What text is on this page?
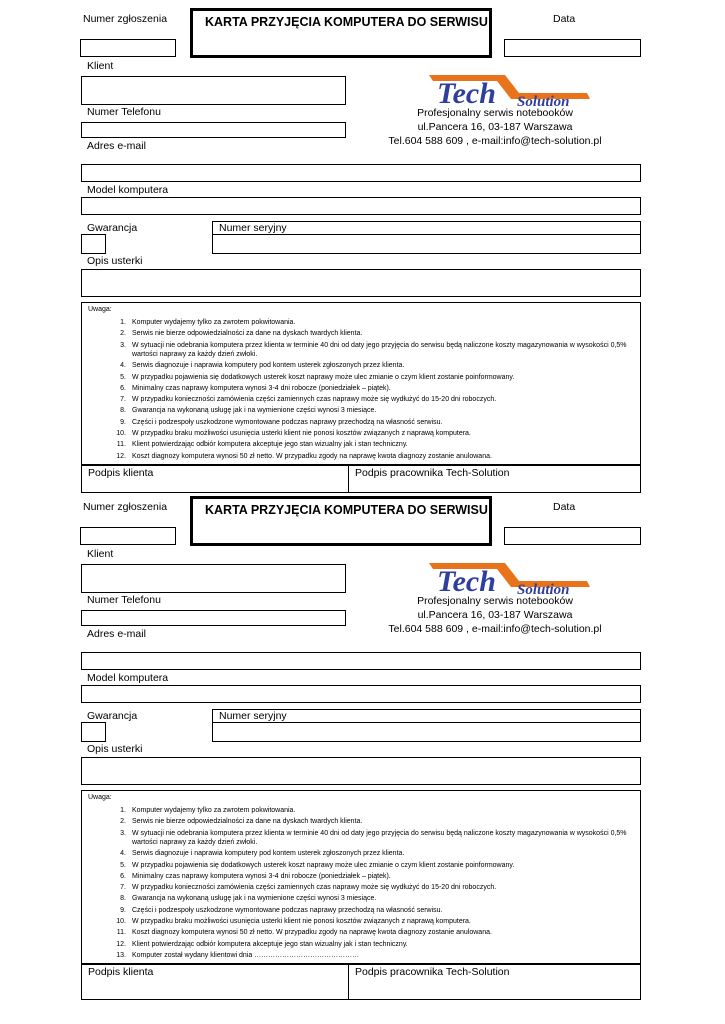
Numer zgłoszenia	KARTA PRZYJĘCIA KOMPUTERA DO SERWISU	Data
Klient
Tech Solution
Profesjonalny serwis notebooków
ul.Pancera 16, 03-187 Warszawa
Tel.604 588 609 , e-mail:info@tech-solution.pl
Numer Telefonu
Adres e-mail
Model komputera
Gwarancja	Numer seryjny
Opis usterki
Uwaga:
1. Komputer wydajemy tylko za zwrotem pokwitowania.
2. Serwis nie bierze odpowiedzialności za dane na dyskach twardych klienta.
3. W sytuacji nie odebrania komputera przez klienta w terminie 40 dni od daty jego przyjęcia do serwisu będą naliczone koszty magazynowania w wysokości 0,5% wartości naprawy za każdy dzień zwłoki.
4. Serwis diagnozuje i naprawia komputery pod kontem usterek zgłoszonych przez klienta.
5. W przypadku pojawienia się dodatkowych usterek koszt naprawy może ulec zmianie o czym klient zostanie poinformowany.
6. Minimalny czas naprawy komputera wynosi 3-4 dni robocze (poniedziałek – piątek).
7. W przypadku konieczności zamówienia części zamiennych czas naprawy może się wydłużyć do 15-20 dni roboczych.
8. Gwarancja na wykonaną usługę jak i na wymienione części wynosi 3 miesiące.
9. Części i podzespoły uszkodzone wymontowane podczas naprawy przechodzą na własność serwisu.
10. W przypadku braku możliwości usunięcia usterki klient nie ponosi kosztów związanych z naprawą komputera.
11. Klient potwierdzając odbiór komputera akceptuje jego stan wizualny jak i stan techniczny.
12. Koszt diagnozy komputera wynosi 50 zł netto. W przypadku zgody na naprawę kwota diagnozy zostanie anulowana.
Podpis klienta	Podpis pracownika Tech-Solution
Numer zgłoszenia	KARTA PRZYJĘCIA KOMPUTERA DO SERWISU	Data
Klient
Tech Solution
Profesjonalny serwis notebooków
ul.Pancera 16, 03-187 Warszawa
Tel.604 588 609 , e-mail:info@tech-solution.pl
Numer Telefonu
Adres e-mail
Model komputera
Gwarancja	Numer seryjny
Opis usterki
Uwaga:
1. Komputer wydajemy tylko za zwrotem pokwitowania.
2. Serwis nie bierze odpowiedzialności za dane na dyskach twardych klienta.
3. W sytuacji nie odebrania komputera przez klienta w terminie 40 dni od daty jego przyjęcia do serwisu będą naliczone koszty magazynowania w wysokości 0,5% wartości naprawy za każdy dzień zwłoki.
4. Serwis diagnozuje i naprawia komputery pod kontem usterek zgłoszonych przez klienta.
5. W przypadku pojawienia się dodatkowych usterek koszt naprawy może ulec zmianie o czym klient zostanie poinformowany.
6. Minimalny czas naprawy komputera wynosi 3-4 dni robocze (poniedziałek – piątek).
7. W przypadku konieczności zamówienia części zamiennych czas naprawy może się wydłużyć do 15-20 dni roboczych.
8. Gwarancja na wykonaną usługę jak i na wymienione części wynosi 3 miesiące.
9. Części i podzespoły uszkodzone wymontowane podczas naprawy przechodzą na własność serwisu.
10. W przypadku braku możliwości usunięcia usterki klient nie ponosi kosztów związanych z naprawą komputera.
11. Koszt diagnozy komputera wynosi 50 zł netto. W przypadku zgody na naprawę kwota diagnozy zostanie anulowana.
12. Klient potwierdzając odbiór komputera akceptuje jego stan wizualny jak i stan techniczny.
13. Komputer został wydany klientowi dnia ………………………………………
Podpis klienta	Podpis pracownika Tech-Solution
